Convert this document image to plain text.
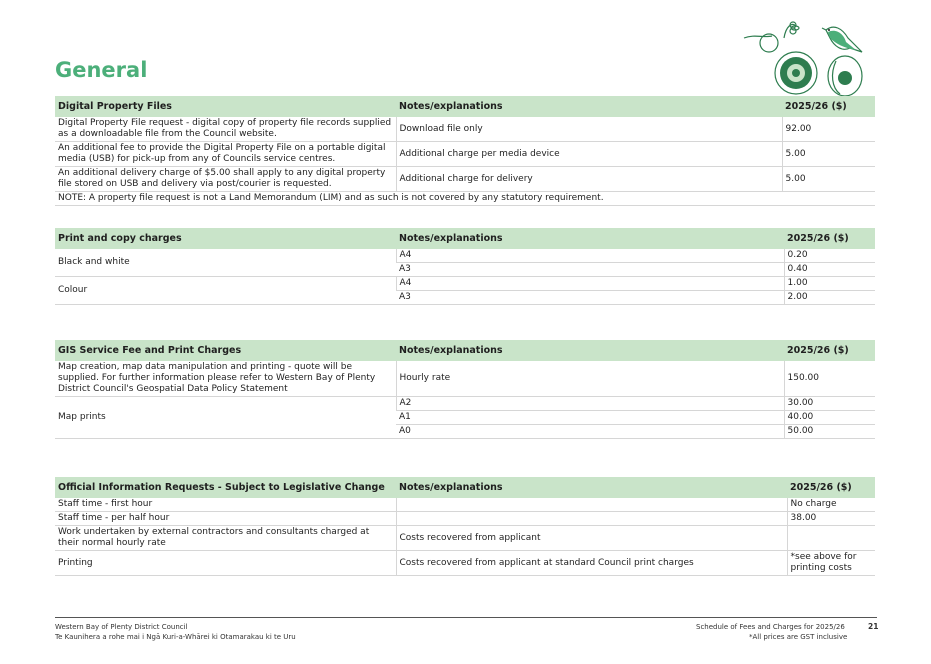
General
Digital Property Files	Notes/explanations	2025/26 ($)
Digital Property File request - digital copy of property file records supplied as a downloadable file from the Council website.	Download file only	92.00
An additional fee to provide the Digital Property File on a portable digital media (USB) for pick-up from any of Councils service centres.	Additional charge per media device	5.00
An additional delivery charge of $5.00 shall apply to any digital property file stored on USB and delivery via post/courier is requested.	Additional charge for delivery	5.00
NOTE: A property file request is not a Land Memorandum (LIM) and as such is not covered by any statutory requirement.		
Print and copy charges	Notes/explanations	2025/26 ($)
Black and white	A4	0.20
	A3	0.40
Colour	A4	1.00
	A3	2.00
GIS Service Fee and Print Charges	Notes/explanations	2025/26 ($)
Map creation, map data manipulation and printing - quote will be supplied. For further information please refer to Western Bay of Plenty District Council's Geospatial Data Policy Statement	Hourly rate	150.00
Map prints	A2	30.00
	A1	40.00
	A0	50.00
Official Information Requests - Subject to Legislative Change	Notes/explanations	2025/26 ($)
Staff time - first hour		No charge
Staff time - per half hour		38.00
Work undertaken by external contractors and consultants charged at their normal hourly rate	Costs recovered from applicant	
Printing	Costs recovered from applicant at standard Council print charges	*see above for printing costs
Western Bay of Plenty District Council
Te Kaunihera a rohe mai i Ngā Kuri-a-Whārei ki Otamarakau ki te Uru
Schedule of Fees and Charges for 2025/26
*All prices are GST inclusive
21
